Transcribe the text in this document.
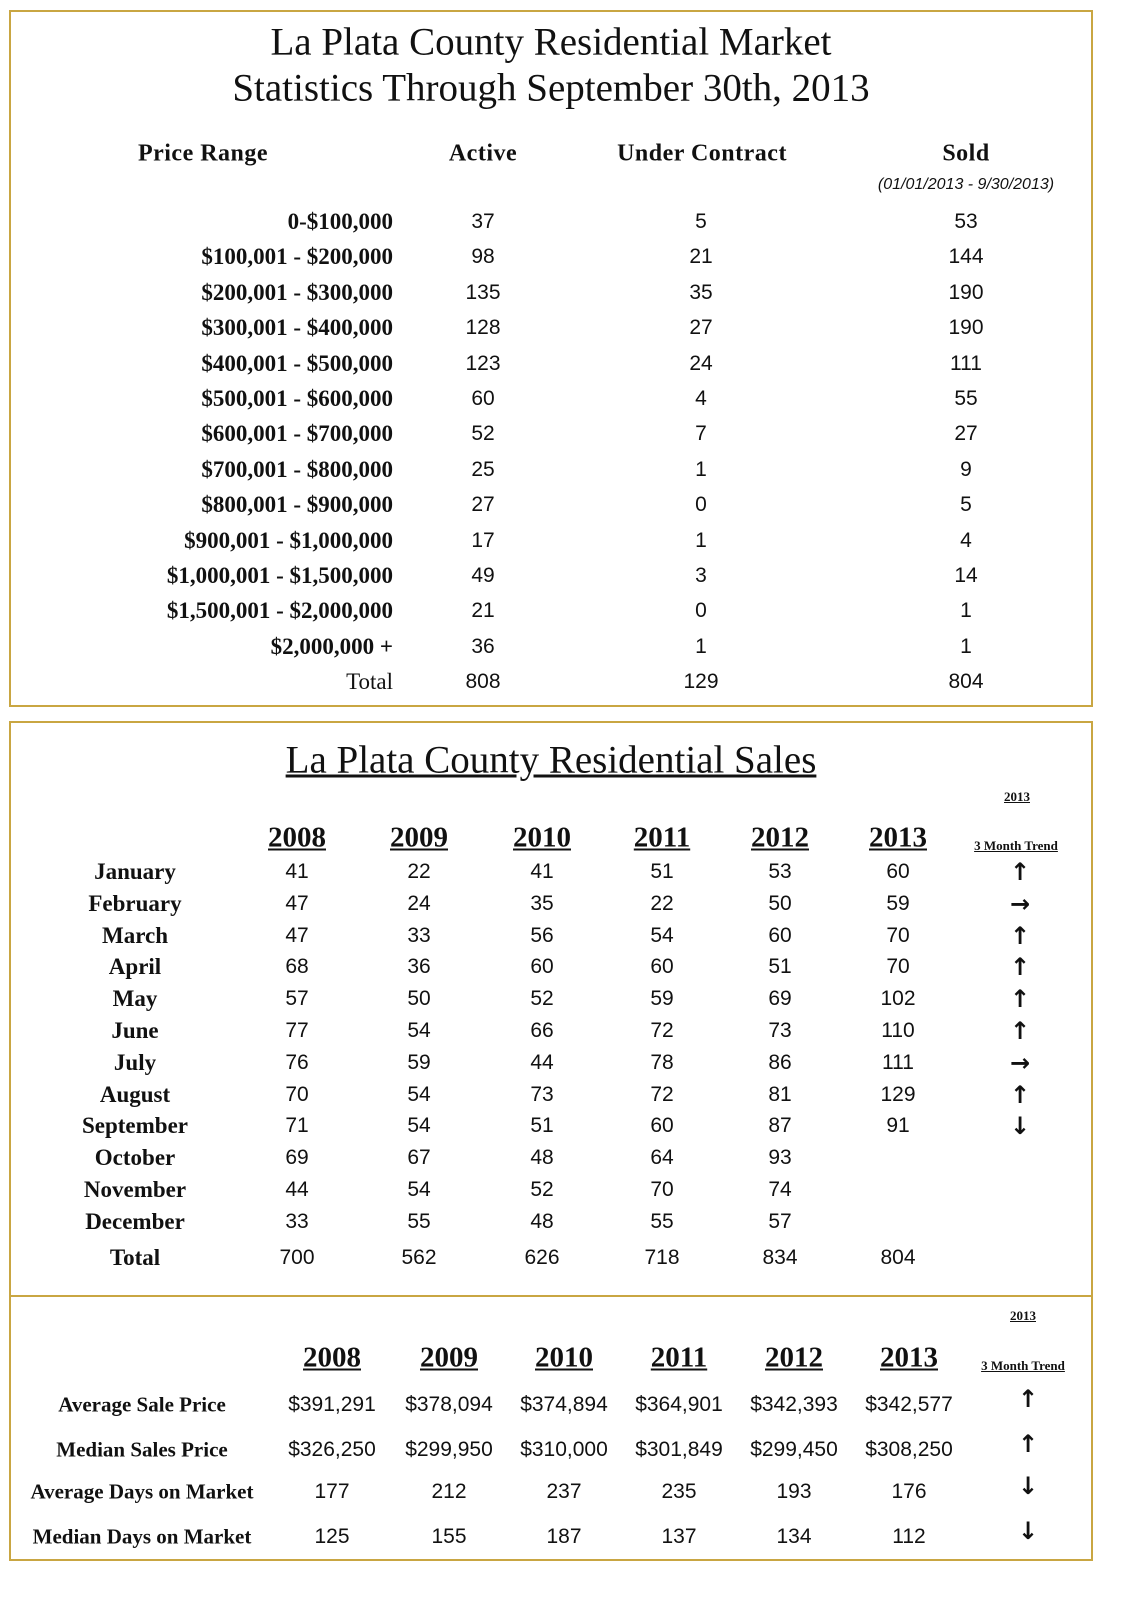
La Plata County Residential Market
Statistics Through September 30th, 2013
Price Range	Active	Under Contract	Sold
(01/01/2013 - 9/30/2013)
0-$100,000	37	5	53
$100,001 - $200,000	98	21	144
$200,001 - $300,000	135	35	190
$300,001 - $400,000	128	27	190
$400,001 - $500,000	123	24	111
$500,001 - $600,000	60	4	55
$600,001 - $700,000	52	7	27
$700,001 - $800,000	25	1	9
$800,001 - $900,000	27	0	5
$900,001 - $1,000,000	17	1	4
$1,000,001 - $1,500,000	49	3	14
$1,500,001 - $2,000,000	21	0	1
$2,000,000 +	36	1	1
Total	808	129	804
La Plata County Residential Sales
2013
3 Month Trend
2008 2009 2010 2011 2012 2013
January	41	22	41	51	53	60	↑
February	47	24	35	22	50	59	→
March	47	33	56	54	60	70	↑
April	68	36	60	60	51	70	↑
May	57	50	52	59	69	102	↑
June	77	54	66	72	73	110	↑
July	76	59	44	78	86	111	→
August	70	54	73	72	81	129	↑
September	71	54	51	60	87	91	↓
October	69	67	48	64	93
November	44	54	52	70	74
December	33	55	48	55	57
Total	700	562	626	718	834	804
2013
3 Month Trend
2008 2009 2010 2011 2012 2013
Average Sale Price	$391,291 $378,094 $374,894 $364,901 $342,393 $342,577	↑
Median Sales Price	$326,250 $299,950 $310,000 $301,849 $299,450 $308,250	↑
Average Days on Market	177	212	237	235	193	176	↓
Median Days on Market	125	155	187	137	134	112	↓
